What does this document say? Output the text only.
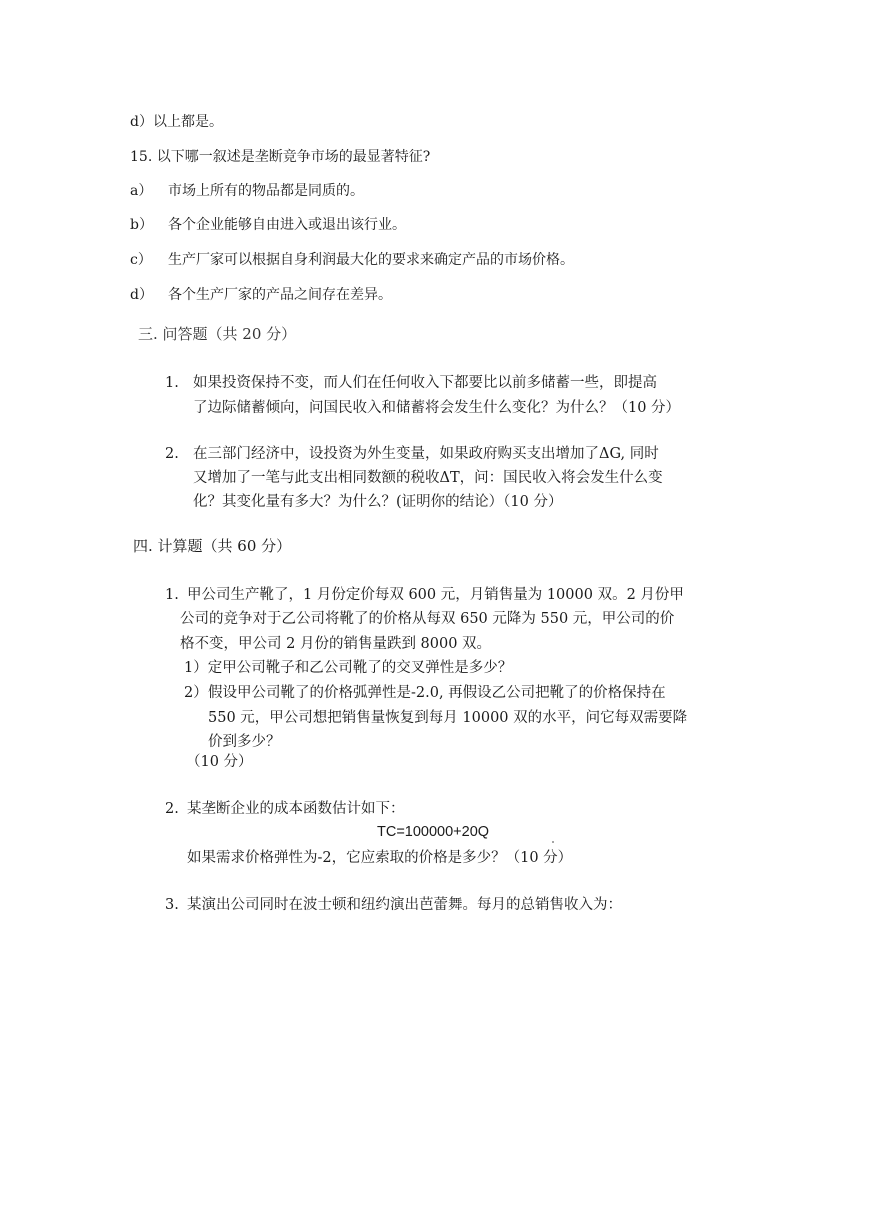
d）以上都是。
15. 以下哪一叙述是垄断竞争市场的最显著特征?
a） 市场上所有的物品都是同质的。
b） 各个企业能够自由进入或退出该行业。
c） 生产厂家可以根据自身利润最大化的要求来确定产品的市场价格。
d） 各个生产厂家的产品之间存在差异。
三. 问答题（共 20 分）
1. 如果投资保持不变，而人们在任何收入下都要比以前多储蓄一些，即提高
了边际储蓄倾向，问国民收入和储蓄将会发生什么变化？为什么？（10 分）
2. 在三部门经济中，设投资为外生变量，如果政府购买支出增加了ΔG, 同时
又增加了一笔与此支出相同数额的税收ΔT，问：国民收入将会发生什么变
化？其变化量有多大？为什么？(证明你的结论）（10 分）
四. 计算题（共 60 分）
1. 甲公司生产靴了，1 月份定价每双 600 元，月销售量为 10000 双。2 月份甲
公司的竞争对于乙公司将靴了的价格从每双 650 元降为 550 元，甲公司的价
格不变，甲公司 2 月份的销售量跌到 8000 双。
1）定甲公司靴子和乙公司靴了的交叉弹性是多少？
2） 假设甲公司靴了的价格弧弹性是-2.0, 再假设乙公司把靴了的价格保持在
550 元，甲公司想把销售量恢复到每月 10000 双的水平，问它每双需要降
价到多少？
（10 分）
2. 某垄断企业的成本函数估计如下：
TC=100000+20Q
如果需求价格弹性为-2，它应索取的价格是多少？（10 分）
3. 某演出公司同时在波士顿和纽约演出芭蕾舞。每月的总销售收入为：
